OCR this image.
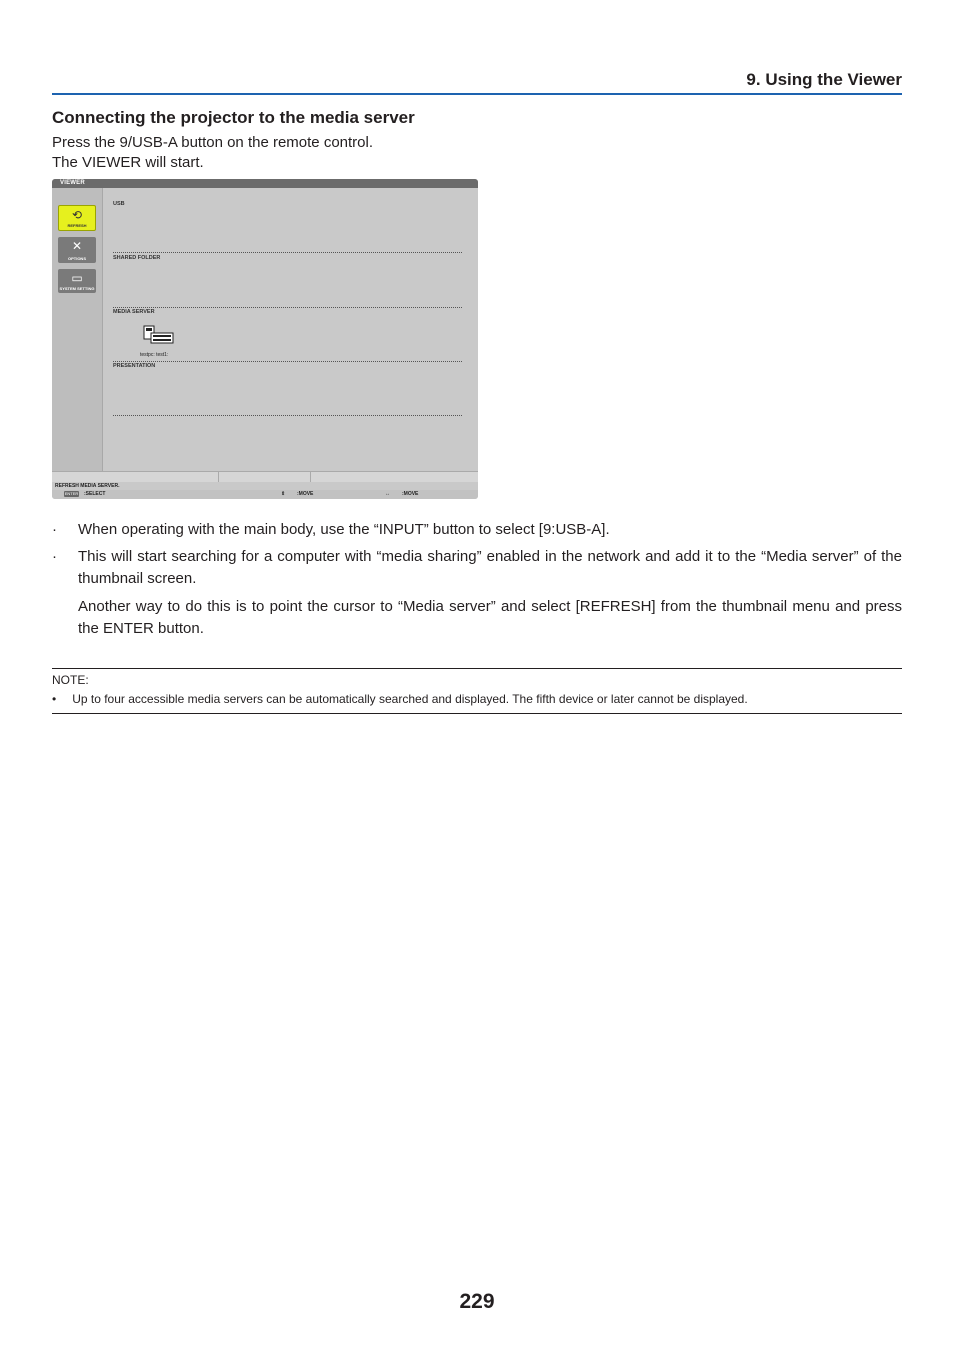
9. Using the Viewer
Connecting the projector to the media server
Press the 9/USB-A button on the remote control.
The VIEWER will start.
VIEWER
⟲
REFRESH
✕
OPTIONS
▭
SYSTEM SETTING
USB
SHARED FOLDER
MEDIA SERVER
testpc: test1:
PRESENTATION
REFRESH MEDIA SERVER.
ENTER :SELECT	⇕ :MOVE	↔ :MOVE
· When operating with the main body, use the “INPUT” button to select [9:USB-A].
· This will start searching for a computer with “media sharing” enabled in the network and add it to the “Media server” of the thumbnail screen.
Another way to do this is to point the cursor to “Media server” and select [REFRESH] from the thumbnail menu and press the ENTER button.
NOTE:
• Up to four accessible media servers can be automatically searched and displayed. The fifth device or later cannot be displayed.
229
